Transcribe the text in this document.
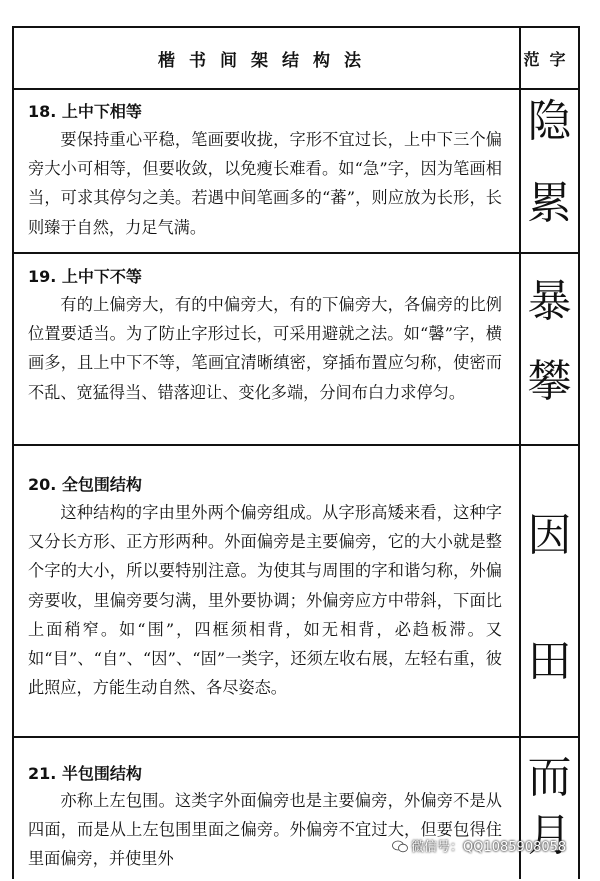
楷书间架结构法	范字
18. 上中下相等
要保持重心平稳，笔画要收拢，字形不宜过长，上中下三个偏旁大小可相等，但要收敛，以免瘦长难看。如“急”字，因为笔画相当，可求其停匀之美。若遇中间笔画多的“蕃”，则应放为长形，长则臻于自然，力足气满。
隐
累
19. 上中下不等
有的上偏旁大，有的中偏旁大，有的下偏旁大，各偏旁的比例位置要适当。为了防止字形过长，可采用避就之法。如“馨”字，横画多，且上中下不等，笔画宜清晰缜密，穿插布置应匀称，使密而不乱、宽猛得当、错落迎让、变化多端，分间布白力求停匀。
暴
攀
20. 全包围结构
这种结构的字由里外两个偏旁组成。从字形高矮来看，这种字又分长方形、正方形两种。外面偏旁是主要偏旁，它的大小就是整个字的大小，所以要特别注意。为使其与周围的字和谐匀称，外偏旁要收，里偏旁要匀满，里外要协调；外偏旁应方中带斜，下面比上面稍窄。如“围”，四框须相背，如无相背，必趋板滞。又如“目”、“自”、“因”、“固”一类字，还须左收右展，左轻右重，彼此照应，方能生动自然、各尽姿态。
因
田
21. 半包围结构
亦称上左包围。这类字外面偏旁也是主要偏旁，外偏旁不是从四面，而是从上左包围里面之偏旁。外偏旁不宜过大，但要包得住里面偏旁，并使里外
而
月
微信号：QQ1085908058
